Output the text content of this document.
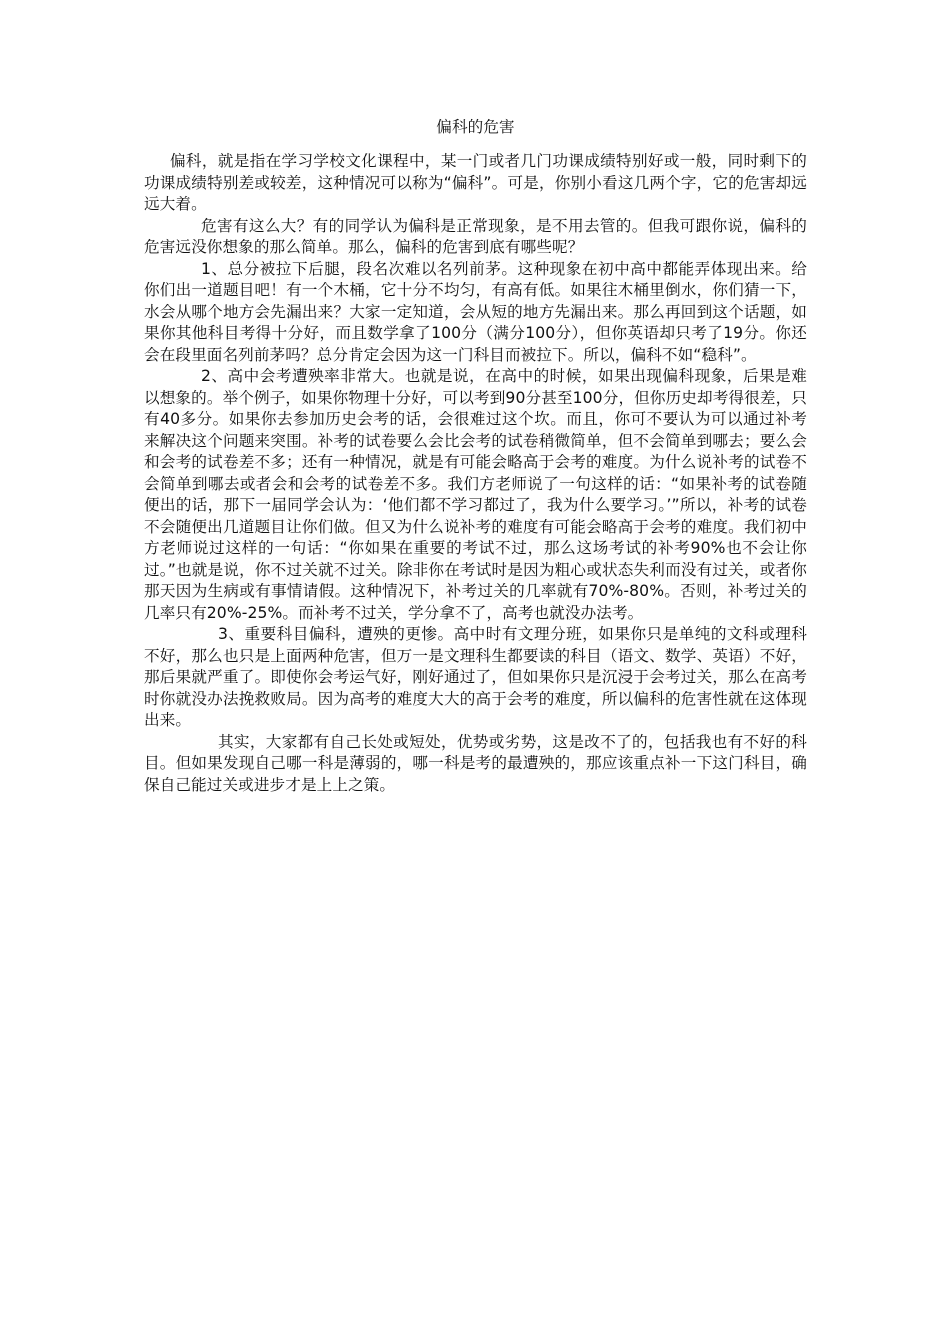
偏科的危害

偏科，就是指在学习学校文化课程中，某一门或者几门功课成绩特别好或一般，同时剩下的功课成绩特别差或较差，这种情况可以称为“偏科”。可是，你别小看这几两个字，它的危害却远远大着。

危害有这么大？有的同学认为偏科是正常现象，是不用去管的。但我可跟你说，偏科的危害远没你想象的那么简单。那么，偏科的危害到底有哪些呢？

1、总分被拉下后腿，段名次难以名列前茅。这种现象在初中高中都能弄体现出来。给你们出一道题目吧！有一个木桶，它十分不均匀，有高有低。如果往木桶里倒水，你们猜一下，水会从哪个地方会先漏出来？大家一定知道，会从短的地方先漏出来。那么再回到这个话题，如果你其他科目考得十分好，而且数学拿了100分（满分100分），但你英语却只考了19分。你还会在段里面名列前茅吗？总分肯定会因为这一门科目而被拉下。所以，偏科不如“稳科”。

2、高中会考遭殃率非常大。也就是说，在高中的时候，如果出现偏科现象，后果是难以想象的。举个例子，如果你物理十分好，可以考到90分甚至100分，但你历史却考得很差，只有40多分。如果你去参加历史会考的话，会很难过这个坎。而且，你可不要认为可以通过补考来解决这个问题来突围。补考的试卷要么会比会考的试卷稍微简单，但不会简单到哪去；要么会和会考的试卷差不多；还有一种情况，就是有可能会略高于会考的难度。为什么说补考的试卷不会简单到哪去或者会和会考的试卷差不多。我们方老师说了一句这样的话：“如果补考的试卷随便出的话，那下一届同学会认为：‘他们都不学习都过了，我为什么要学习。’”所以，补考的试卷不会随便出几道题目让你们做。但又为什么说补考的难度有可能会略高于会考的难度。我们初中方老师说过这样的一句话：“你如果在重要的考试不过，那么这场考试的补考90%也不会让你过。”也就是说，你不过关就不过关。除非你在考试时是因为粗心或状态失利而没有过关，或者你那天因为生病或有事情请假。这种情况下，补考过关的几率就有70%-80%。否则，补考过关的几率只有20%-25%。而补考不过关，学分拿不了，高考也就没办法考。

3、重要科目偏科，遭殃的更惨。高中时有文理分班，如果你只是单纯的文科或理科不好，那么也只是上面两种危害，但万一是文理科生都要读的科目（语文、数学、英语）不好，那后果就严重了。即使你会考运气好，刚好通过了，但如果你只是沉浸于会考过关，那么在高考时你就没办法挽救败局。因为高考的难度大大的高于会考的难度，所以偏科的危害性就在这体现出来。

其实，大家都有自己长处或短处，优势或劣势，这是改不了的，包括我也有不好的科目。但如果发现自己哪一科是薄弱的，哪一科是考的最遭殃的，那应该重点补一下这门科目，确保自己能过关或进步才是上上之策。
